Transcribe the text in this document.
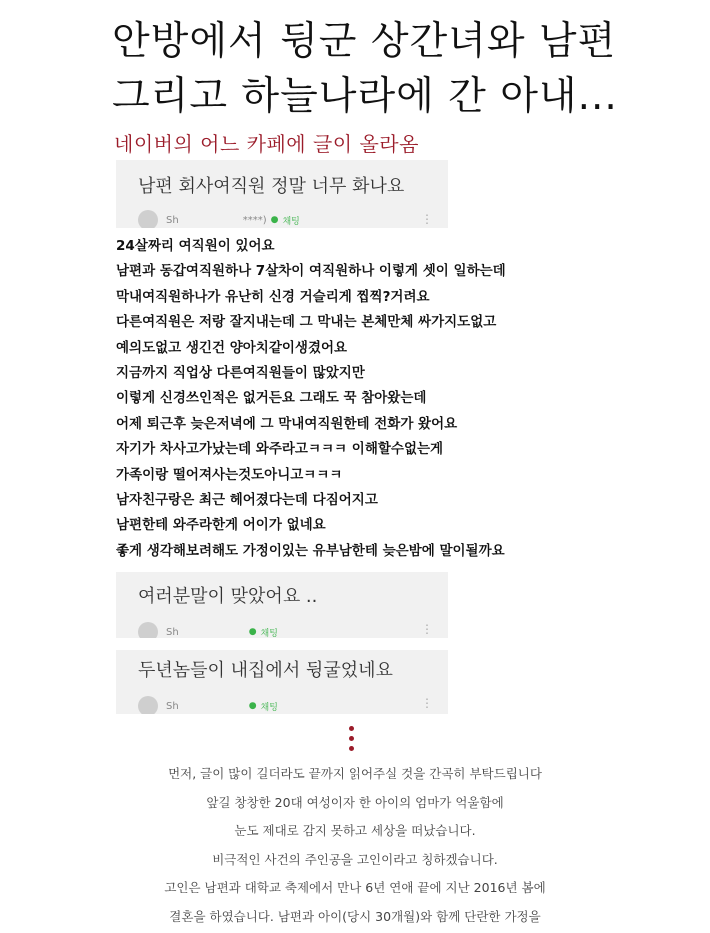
안방에서 뒹군 상간녀와 남편
그리고 하늘나라에 간 아내...
네이버의 어느 카페에 글이 올라옴
남편 회사여직원 정말 너무 화나요
Sh	****) ● 채팅	⋮

24살짜리 여직원이 있어요

남편과 동갑여직원하나 7살차이 여직원하나 이렇게 셋이 일하는데

막내여직원하나가 유난히 신경 거슬리게 찝찍?거려요

다른여직원은 저랑 잘지내는데 그 막내는 본체만체 싸가지도없고

예의도없고 생긴건 양아치같이생겼어요

지금까지 직업상 다른여직원들이 많았지만

이렇게 신경쓰인적은 없거든요 그래도 꾹 참아왔는데

어제 퇴근후 늦은저녁에 그 막내여직원한테 전화가 왔어요

자기가 차사고가났는데 와주라고ㅋㅋㅋ 이해할수없는게

가족이랑 떨어져사는것도아니고ㅋㅋㅋ

남자친구랑은 최근 헤어졌다는데 다짐어지고

남편한테 와주라한게 어이가 없네요

좋게 생각해보려해도 가정이있는 유부남한테 늦은밤에 말이될까요

여러분말이 맞았어요 ..
Sh	● 채팅	⋮
두년놈들이 내집에서 뒹굴었네요
Sh	● 채팅	⋮

먼저, 글이 많이 길더라도 끝까지 읽어주실 것을 간곡히 부탁드립니다

앞길 창창한 20대 여성이자 한 아이의 엄마가 억울함에

눈도 제대로 감지 못하고 세상을 떠났습니다.

비극적인 사건의 주인공을 고인이라고 칭하겠습니다.

고인은 남편과 대학교 축제에서 만나 6년 연애 끝에 지난 2016년 봄에

결혼을 하였습니다. 남편과 아이(당시 30개월)와 함께 단란한 가정을
